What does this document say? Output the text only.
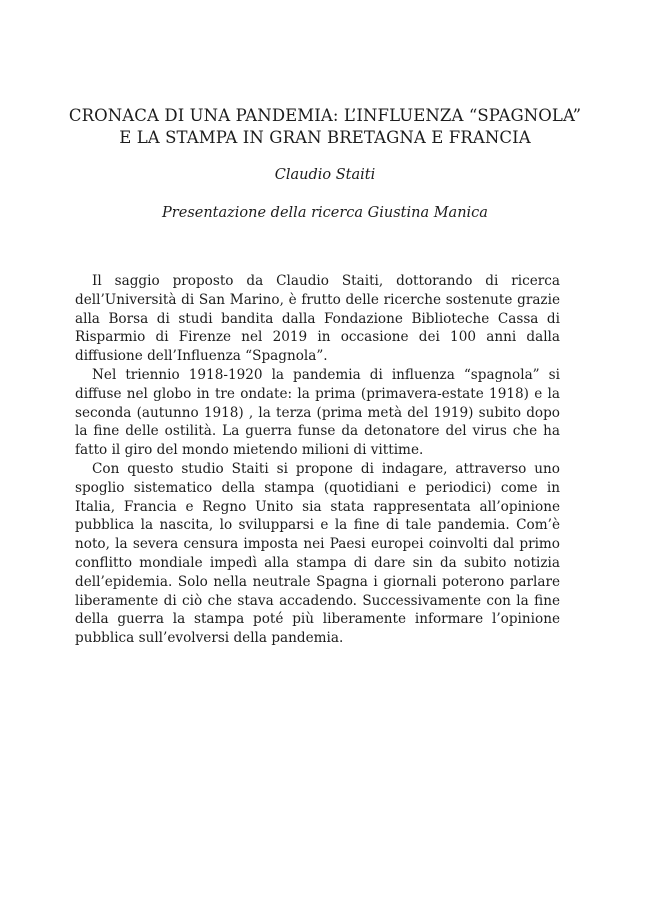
CRONACA DI UNA PANDEMIA: L’INFLUENZA “SPAGNOLA”
E LA STAMPA IN GRAN BRETAGNA E FRANCIA

Claudio Staiti

Presentazione della ricerca Giustina Manica

Il saggio proposto da Claudio Staiti, dottorando di ricerca dell’Università di San Marino, è frutto delle ricerche sostenute grazie alla Borsa di studi bandita dalla Fondazione Biblioteche Cassa di Risparmio di Firenze nel 2019 in occasione dei 100 anni dalla diffusione dell’Influenza “Spagnola”.

Nel triennio 1918-1920 la pandemia di influenza “spagnola” si diffuse nel globo in tre ondate: la prima (primavera-estate 1918) e la seconda (autunno 1918) , la terza (prima metà del 1919) subito dopo la fine delle ostilità. La guerra funse da detonatore del virus che ha fatto il giro del mondo mietendo milioni di vittime.

Con questo studio Staiti si propone di indagare, attraverso uno spoglio sistematico della stampa (quotidiani e periodici) come in Italia, Francia e Regno Unito sia stata rappresentata all’opinione pubblica la nascita, lo svilupparsi e la fine di tale pandemia. Com’è noto, la severa censura imposta nei Paesi europei coinvolti dal primo conflitto mondiale impedì alla stampa di dare sin da subito notizia dell’epidemia. Solo nella neutrale Spagna i giornali poterono parlare liberamente di ciò che stava accadendo. Successivamente con la fine della guerra la stampa poté più liberamente informare l’opinione pubblica sull’evolversi della pandemia.
